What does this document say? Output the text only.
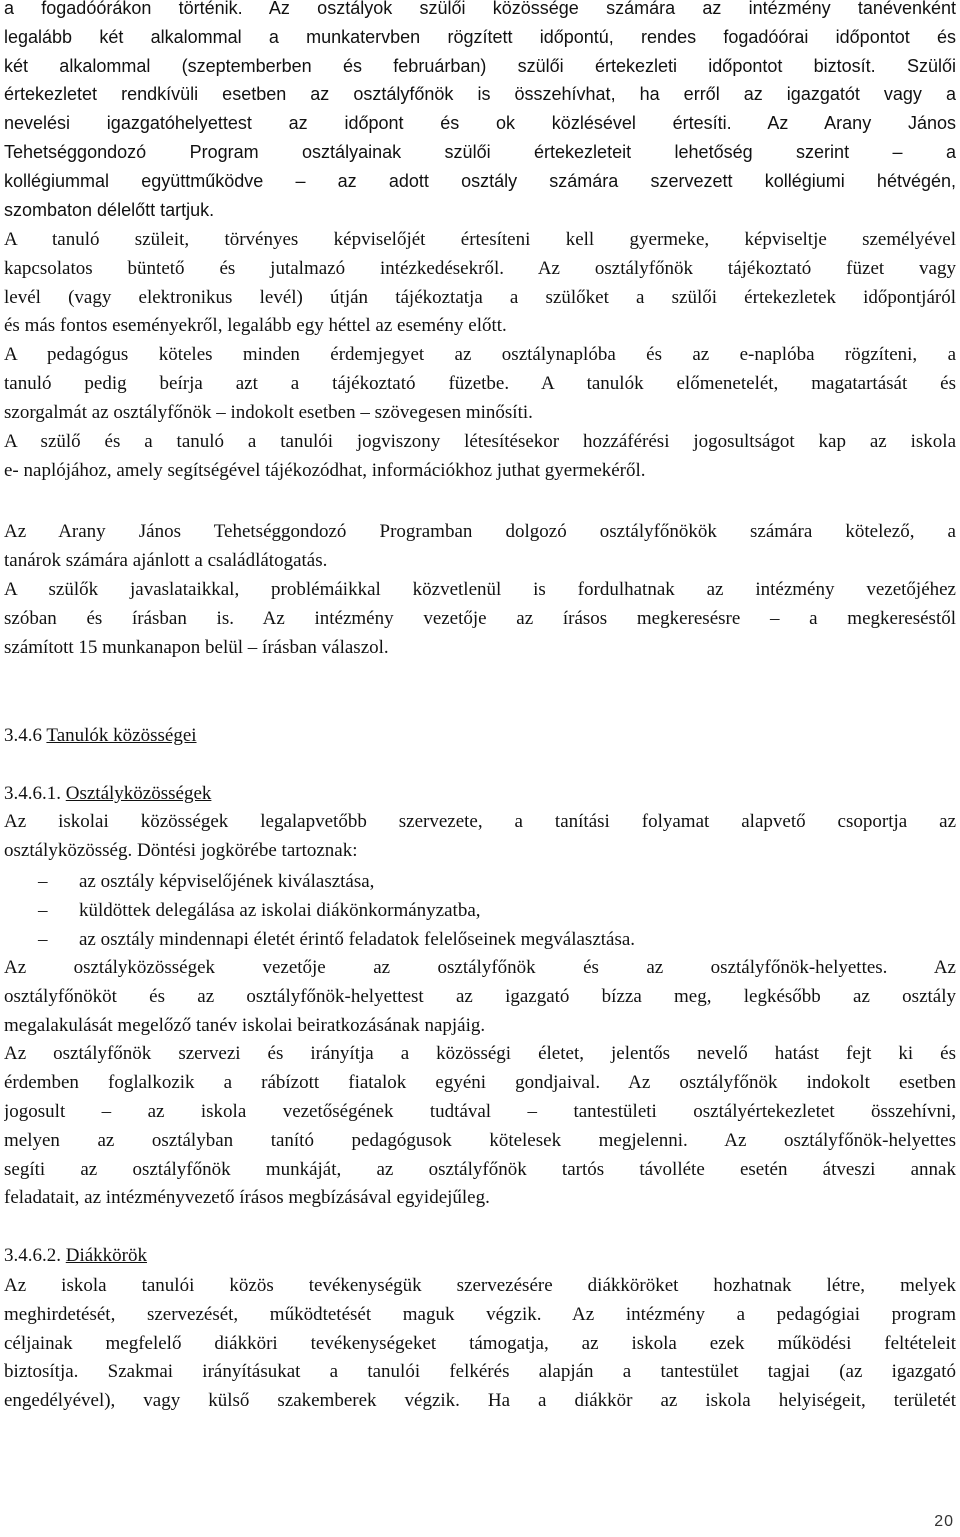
a fogadóórákon történik. Az osztályok szülői közössége számára az intézmény tanévenként
legalább két alkalommal a munkatervben rögzített időpontú, rendes fogadóórai időpontot és
két alkalommal (szeptemberben és februárban) szülői értekezleti időpontot biztosít. Szülői
értekezletet rendkívüli esetben az osztályfőnök is összehívhat, ha erről az igazgatót vagy a
nevelési igazgatóhelyettest az időpont és ok közlésével értesíti. Az Arany János
Tehetséggondozó Program osztályainak szülői értekezleteit lehetőség szerint – a
kollégiummal együttműködve – az adott osztály számára szervezett kollégiumi hétvégén,
szombaton délelőtt tartjuk.
A tanuló szüleit, törvényes képviselőjét értesíteni kell gyermeke, képviseltje személyével
kapcsolatos büntető és jutalmazó intézkedésekről. Az osztályfőnök tájékoztató füzet vagy
levél (vagy elektronikus levél) útján tájékoztatja a szülőket a szülői értekezletek időpontjáról
és más fontos eseményekről, legalább egy héttel az esemény előtt.
A pedagógus köteles minden érdemjegyet az osztálynaplóba és az e-naplóba rögzíteni, a
tanuló pedig beírja azt a tájékoztató füzetbe. A tanulók előmenetelét, magatartását és
szorgalmát az osztályfőnök – indokolt esetben – szövegesen minősíti.
A szülő és a tanuló a tanulói jogviszony létesítésekor hozzáférési jogosultságot kap az iskola
e- naplójához, amely segítségével tájékozódhat, információkhoz juthat gyermekéről.
Az Arany János Tehetséggondozó Programban dolgozó osztályfőnökök számára kötelező, a
tanárok számára ajánlott a családlátogatás.
A szülők javaslataikkal, problémáikkal közvetlenül is fordulhatnak az intézmény vezetőjéhez
szóban és írásban is. Az intézmény vezetője az írásos megkeresésre – a megkereséstől
számított 15 munkanapon belül – írásban válaszol.
3.4.6 Tanulók közösségei
3.4.6.1. Osztályközösségek
Az iskolai közösségek legalapvetőbb szervezete, a tanítási folyamat alapvető csoportja az
osztályközösség. Döntési jogkörébe tartoznak:
– az osztály képviselőjének kiválasztása,
– küldöttek delegálása az iskolai diákönkormányzatba,
– az osztály mindennapi életét érintő feladatok felelőseinek megválasztása.
Az osztályközösségek vezetője az osztályfőnök és az osztályfőnök-helyettes. Az
osztályfőnököt és az osztályfőnök-helyettest az igazgató bízza meg, legkésőbb az osztály
megalakulását megelőző tanév iskolai beiratkozásának napjáig.
Az osztályfőnök szervezi és irányítja a közösségi életet, jelentős nevelő hatást fejt ki és
érdemben foglalkozik a rábízott fiatalok egyéni gondjaival. Az osztályfőnök indokolt esetben
jogosult – az iskola vezetőségének tudtával – tantestületi osztályértekezletet összehívni,
melyen az osztályban tanító pedagógusok kötelesek megjelenni. Az osztályfőnök-helyettes
segíti az osztályfőnök munkáját, az osztályfőnök tartós távolléte esetén átveszi annak
feladatait, az intézményvezető írásos megbízásával egyidejűleg.
3.4.6.2. Diákkörök
Az iskola tanulói közös tevékenységük szervezésére diákköröket hozhatnak létre, melyek
meghirdetését, szervezését, működtetését maguk végzik. Az intézmény a pedagógiai program
céljainak megfelelő diákköri tevékenységeket támogatja, az iskola ezek működési feltételeit
biztosítja. Szakmai irányításukat a tanulói felkérés alapján a tantestület tagjai (az igazgató
engedélyével), vagy külső szakemberek végzik. Ha a diákkör az iskola helyiségeit, területét
20
